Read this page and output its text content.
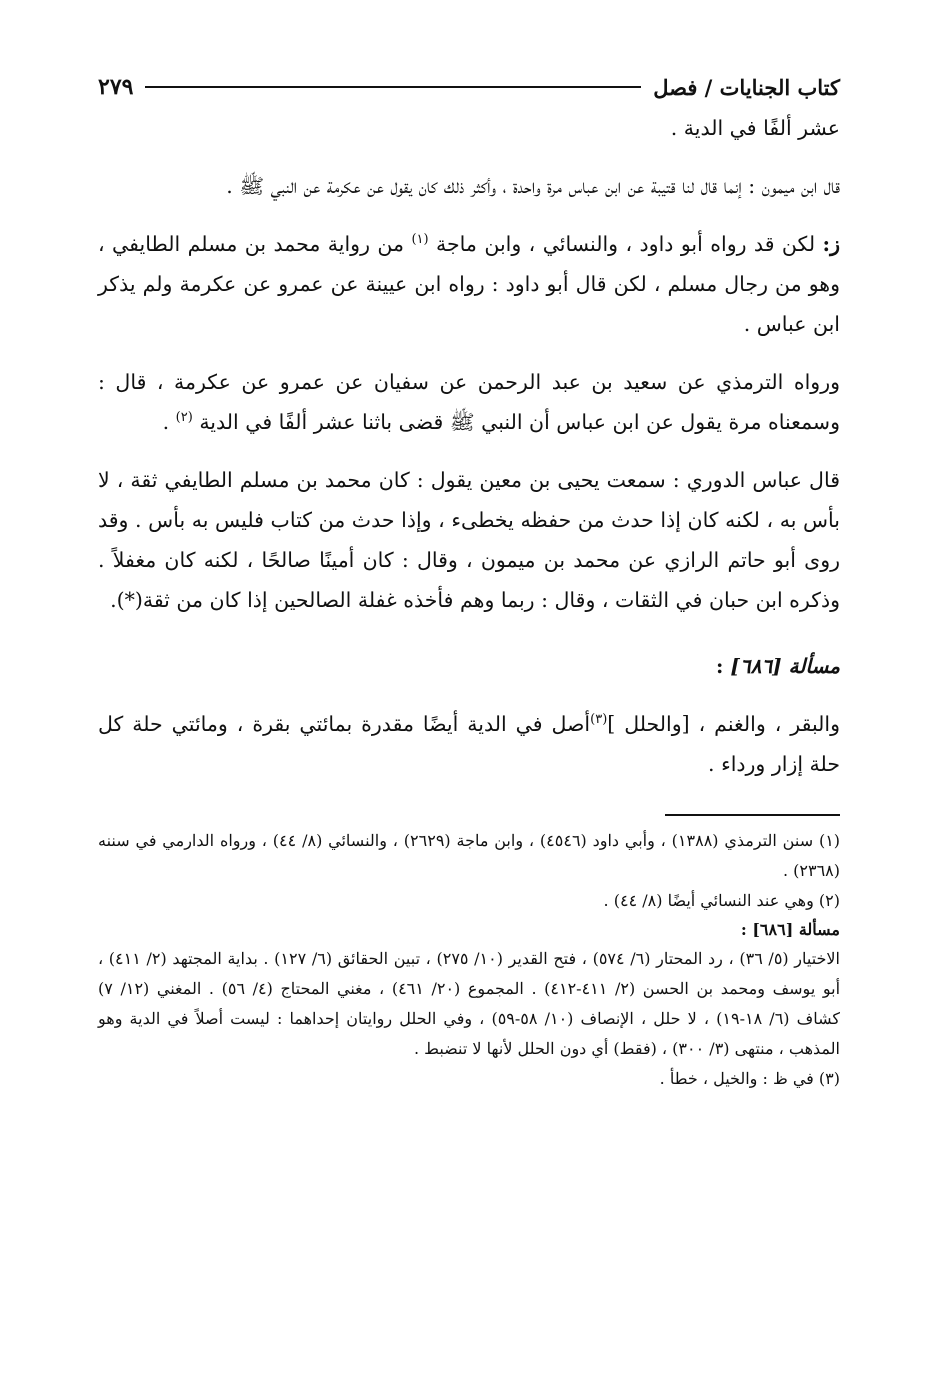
كتاب الجنايات / فصل
٢٧٩

عشر ألفًا في الدية .

قال ابن ميمون : إنما قال لنا قتيبة عن ابن عباس مرة واحدة ، وأكثر ذلك كان يقول عن عكرمة عن النبي ﷺ .

ز: لكن قد رواه أبو داود ، والنسائي ، وابن ماجة $^{(١)}$ من رواية محمد بن مسلم الطايفي ، وهو من رجال مسلم ، لكن قال أبو داود : رواه ابن عيينة عن عمرو عن عكرمة ولم يذكر ابن عباس .

ورواه الترمذي عن سعيد بن عبد الرحمن عن سفيان عن عمرو عن عكرمة ، قال : وسمعناه مرة يقول عن ابن عباس أن النبي ﷺ قضى باثنا عشر ألفًا في الدية $^{(٢)}$ .

قال عباس الدوري : سمعت يحيى بن معين يقول : كان محمد بن مسلم الطايفي ثقة ، لا بأس به ، لكنه كان إذا حدث من حفظه يخطىء ، وإذا حدث من كتاب فليس به بأس . وقد روى أبو حاتم الرازي عن محمد بن ميمون ، وقال : كان أمينًا صالحًا ، لكنه كان مغفلاً . وذكره ابن حبان في الثقات ، وقال : ربما وهم فأخذه غفلة الصالحين إذا كان من ثقة(*).

مسألة [٦٨٦] :

والبقر ، والغنم ، [والحلل ]$^{(٣)}$أصل في الدية أيضًا مقدرة بمائتي بقرة ، ومائتي حلة كل حلة إزار ورداء .

(١) سنن الترمذي (١٣٨٨) ، وأبي داود (٤٥٤٦) ، وابن ماجة (٢٦٢٩) ، والنسائي (٨/ ٤٤) ، ورواه الدارمي في سننه (٢٣٦٨) .

(٢) وهي عند النسائي أيضًا (٨/ ٤٤) .

مسألة [٦٨٦] :

الاختيار (٥/ ٣٦) ، رد المحتار (٦/ ٥٧٤) ، فتح القدير (١٠/ ٢٧٥) ، تبين الحقائق (٦/ ١٢٧) . بداية المجتهد (٢/ ٤١١) ، أبو يوسف ومحمد بن الحسن (٢/ ٤١١-٤١٢) . المجموع (٢٠/ ٤٦١) ، مغني المحتاج (٤/ ٥٦) . المغني (١٢/ ٧) كشاف (٦/ ١٨-١٩) ، لا حلل ، الإنصاف (١٠/ ٥٨-٥٩) ، وفي الحلل روايتان إحداهما : ليست أصلاً في الدية وهو المذهب ، منتهى (٣/ ٣٠٠) ، (فقط) أي دون الحلل لأنها لا تنضبط .

(٣) في ظ : والخيل ، خطأ .
